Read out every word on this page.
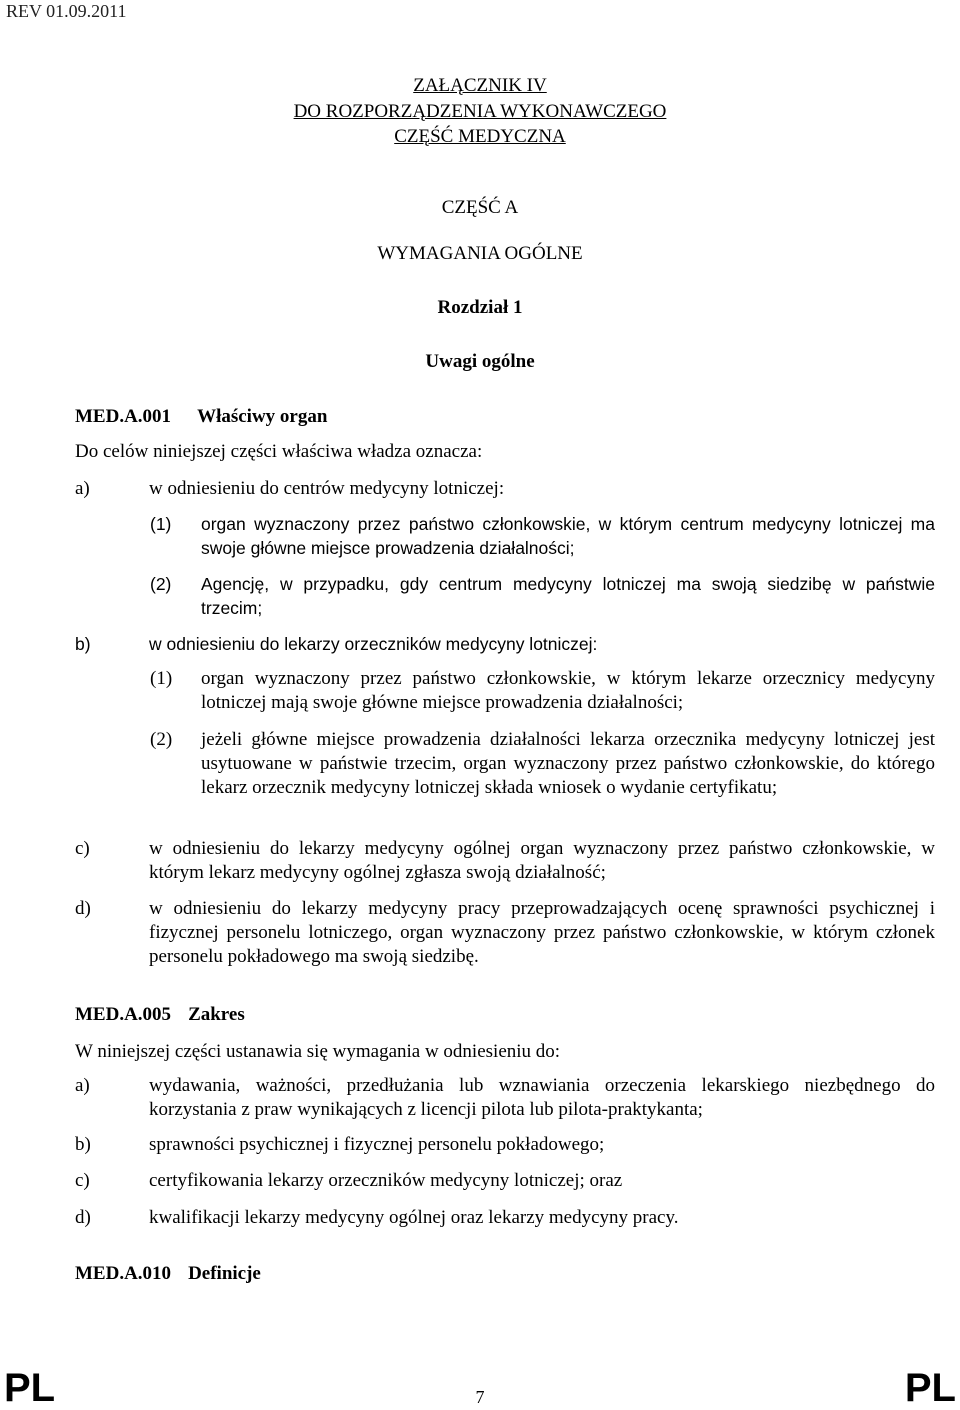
REV 01.09.2011
ZAŁĄCZNIK IV
DO ROZPORZĄDZENIA WYKONAWCZEGO
CZĘŚĆ MEDYCZNA
CZĘŚĆ A
WYMAGANIA OGÓLNE
Rozdział 1
Uwagi ogólne
MED.A.001 Właściwy organ
Do celów niniejszej części właściwa władza oznacza:
a)	w odniesieniu do centrów medycyny lotniczej:
(1) organ wyznaczony przez państwo członkowskie, w którym centrum medycyny lotniczej ma swoje główne miejsce prowadzenia działalności;
(2) Agencję, w przypadku, gdy centrum medycyny lotniczej ma swoją siedzibę w państwie trzecim;
b)	w odniesieniu do lekarzy orzeczników medycyny lotniczej:
(1) organ wyznaczony przez państwo członkowskie, w którym lekarze orzecznicy medycyny lotniczej mają swoje główne miejsce prowadzenia działalności;
(2) jeżeli główne miejsce prowadzenia działalności lekarza orzecznika medycyny lotniczej jest usytuowane w państwie trzecim, organ wyznaczony przez państwo członkowskie, do którego lekarz orzecznik medycyny lotniczej składa wniosek o wydanie certyfikatu;
c)	w odniesieniu do lekarzy medycyny ogólnej organ wyznaczony przez państwo członkowskie, w którym lekarz medycyny ogólnej zgłasza swoją działalność;
d)	w odniesieniu do lekarzy medycyny pracy przeprowadzających ocenę sprawności psychicznej i fizycznej personelu lotniczego, organ wyznaczony przez państwo członkowskie, w którym członek personelu pokładowego ma swoją siedzibę.
MED.A.005 Zakres
W niniejszej części ustanawia się wymagania w odniesieniu do:
a)	wydawania, ważności, przedłużania lub wznawiania orzeczenia lekarskiego niezbędnego do korzystania z praw wynikających z licencji pilota lub pilota-praktykanta;
b)	sprawności psychicznej i fizycznej personelu pokładowego;
c)	certyfikowania lekarzy orzeczników medycyny lotniczej; oraz
d)	kwalifikacji lekarzy medycyny ogólnej oraz lekarzy medycyny pracy.
MED.A.010 Definicje
PL	7	PL
